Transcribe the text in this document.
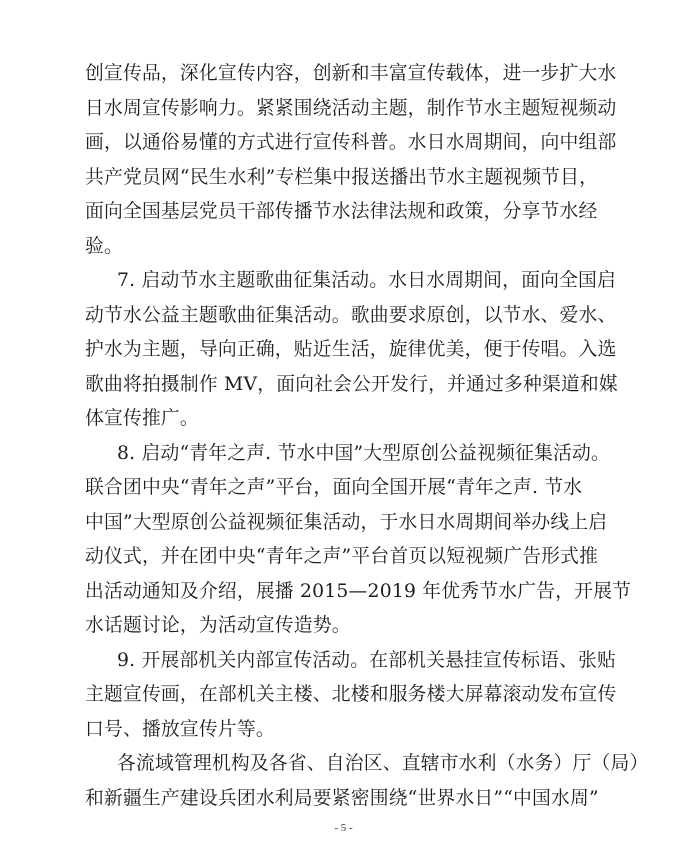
创宣传品，深化宣传内容，创新和丰富宣传载体，进一步扩大水
日水周宣传影响力。紧紧围绕活动主题，制作节水主题短视频动
画，以通俗易懂的方式进行宣传科普。水日水周期间，向中组部
共产党员网“民生水利”专栏集中报送播出节水主题视频节目，
面向全国基层党员干部传播节水法律法规和政策，分享节水经
验。
7. 启动节水主题歌曲征集活动。水日水周期间，面向全国启
动节水公益主题歌曲征集活动。歌曲要求原创，以节水、爱水、
护水为主题，导向正确，贴近生活，旋律优美，便于传唱。入选
歌曲将拍摄制作 MV，面向社会公开发行，并通过多种渠道和媒
体宣传推广。
8. 启动“青年之声. 节水中国”大型原创公益视频征集活动。
联合团中央“青年之声”平台，面向全国开展“青年之声. 节水
中国”大型原创公益视频征集活动，于水日水周期间举办线上启
动仪式，并在团中央“青年之声”平台首页以短视频广告形式推
出活动通知及介绍，展播 2015—2019 年优秀节水广告，开展节
水话题讨论，为活动宣传造势。
9. 开展部机关内部宣传活动。在部机关悬挂宣传标语、张贴
主题宣传画，在部机关主楼、北楼和服务楼大屏幕滚动发布宣传
口号、播放宣传片等。
各流域管理机构及各省、自治区、直辖市水利（水务）厅（局）
和新疆生产建设兵团水利局要紧密围绕“世界水日”“中国水周”
- 5 -
